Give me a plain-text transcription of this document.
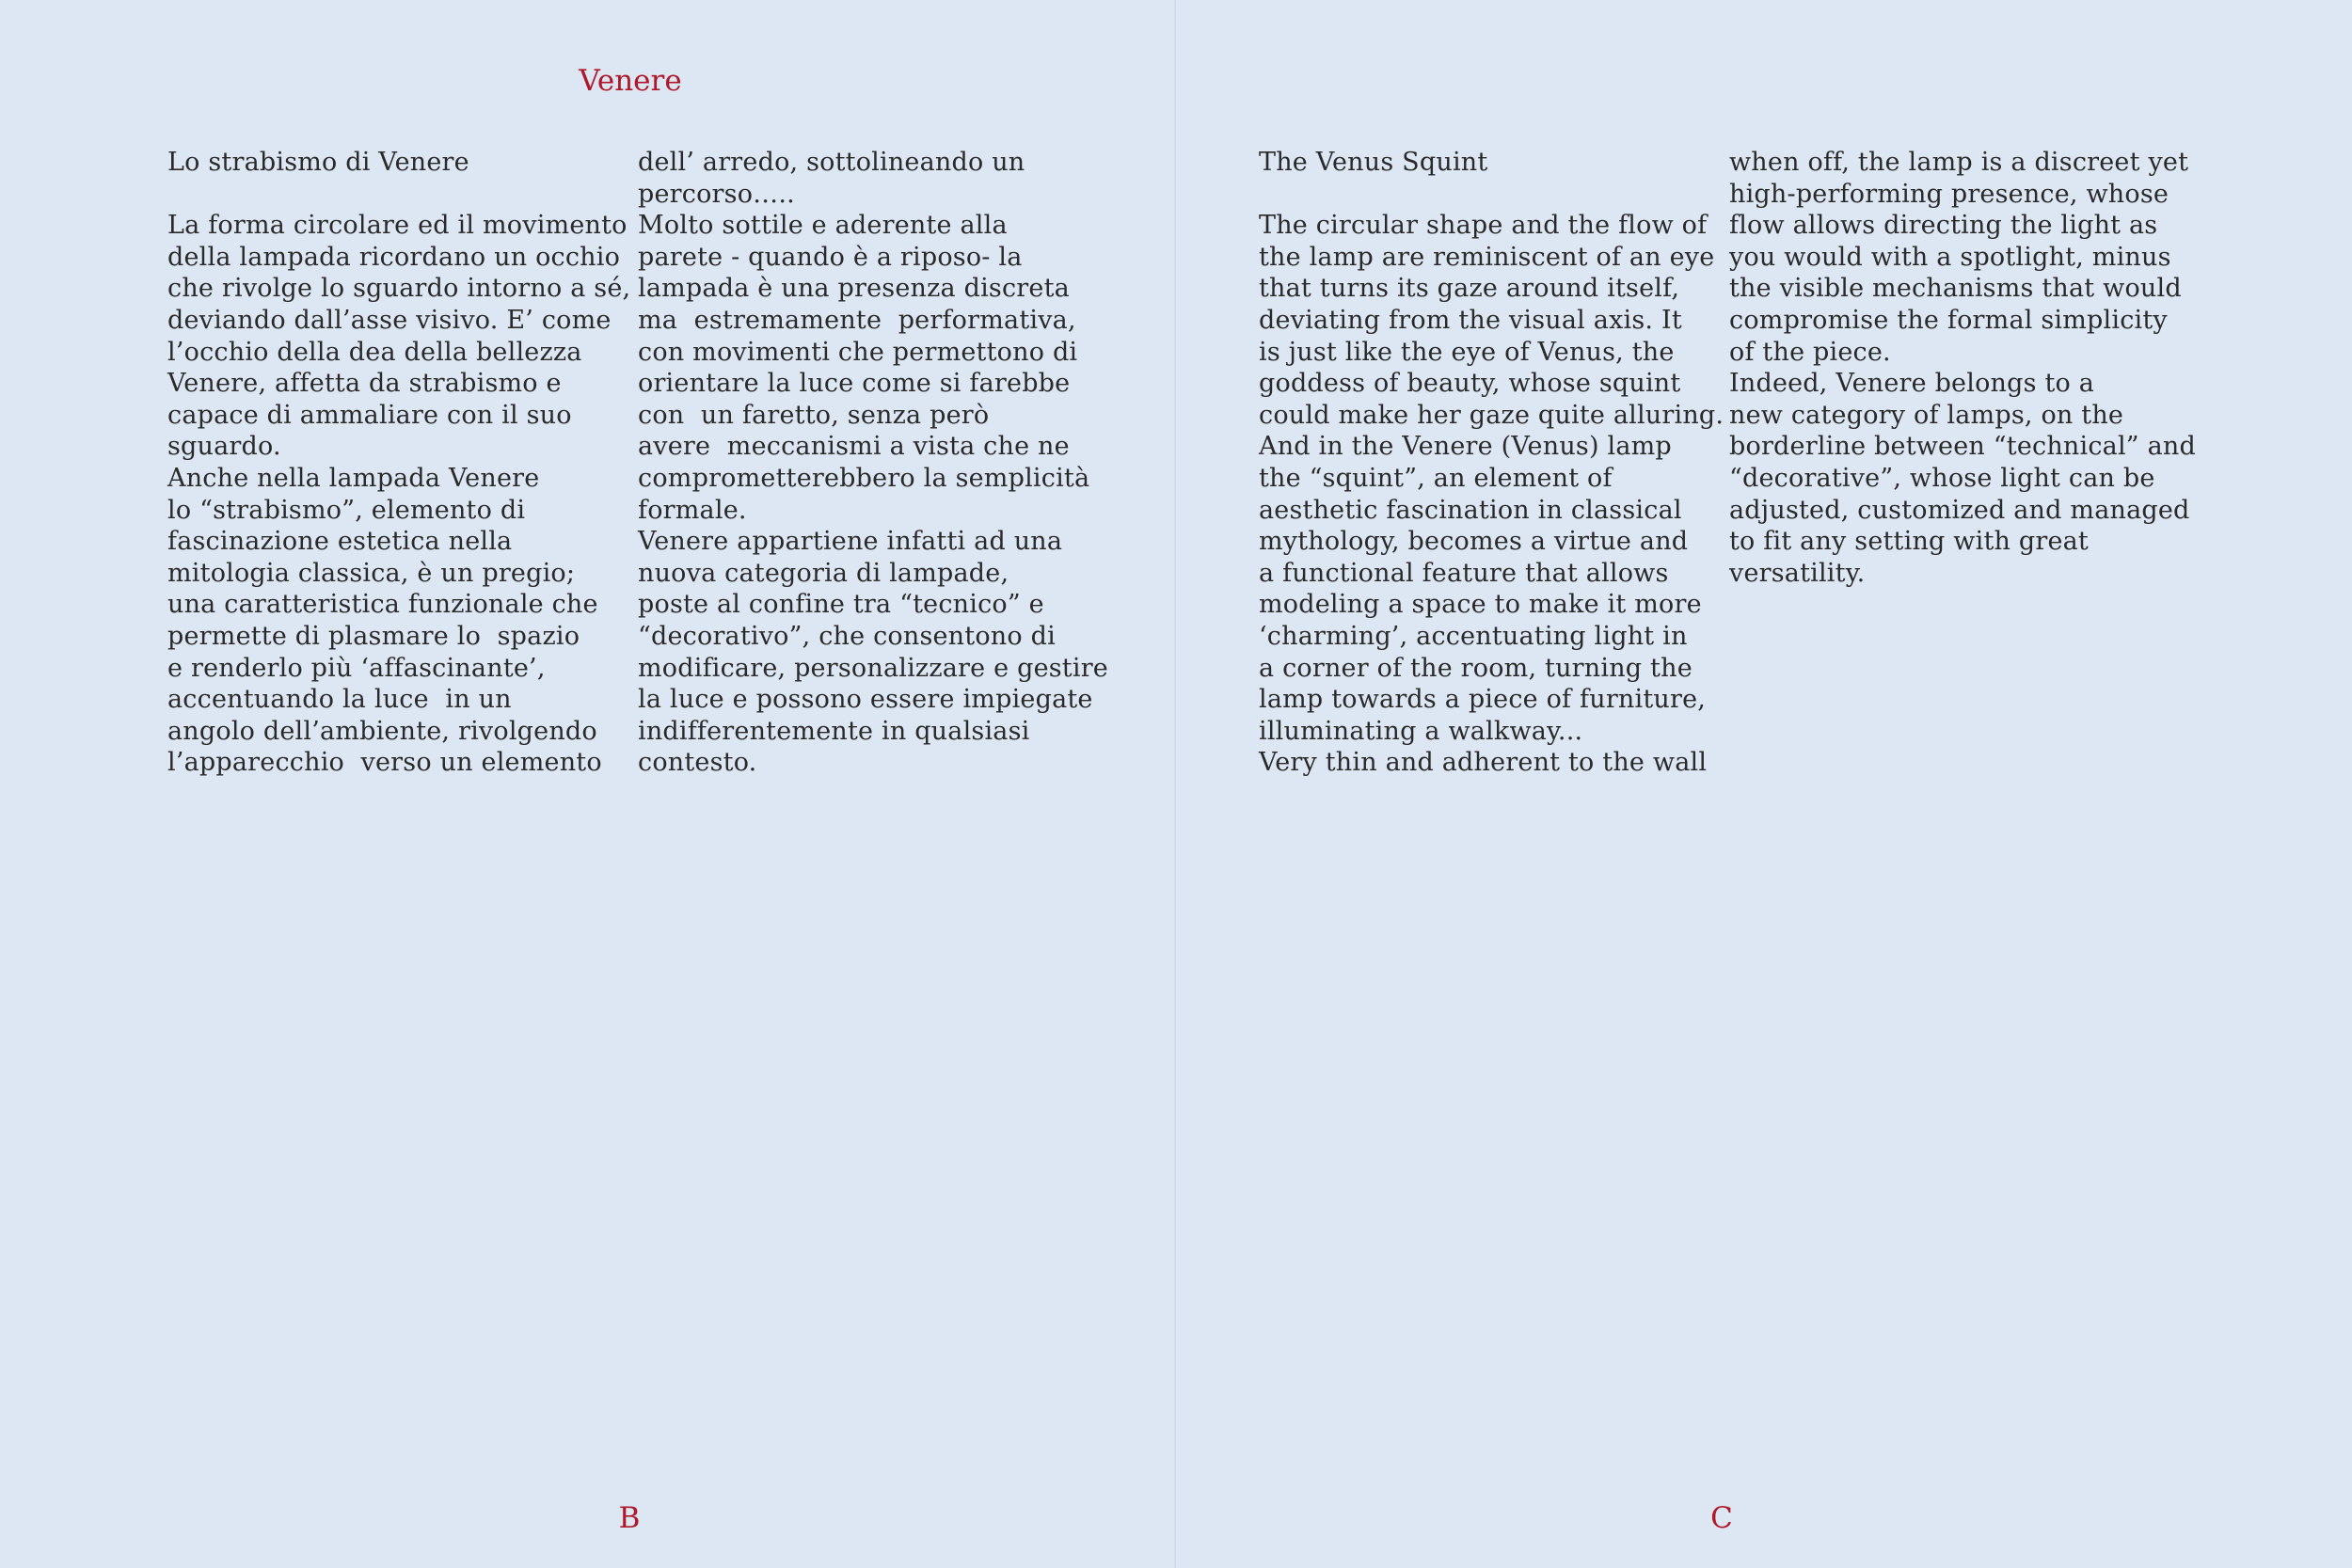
Venere
Lo strabismo di Venere
La forma circolare ed il movimento
della lampada ricordano un occhio
che rivolge lo sguardo intorno a sé,
deviando dall’asse visivo. E’ come
l’occhio della dea della bellezza
Venere, affetta da strabismo e
capace di ammaliare con il suo
sguardo.
Anche nella lampada Venere
lo “strabismo”, elemento di
fascinazione estetica nella
mitologia classica, è un pregio;
una caratteristica funzionale che
permette di plasmare lo  spazio
e renderlo più ‘affascinante’,
accentuando la luce  in un
angolo dell’ambiente, rivolgendo
l’apparecchio  verso un elemento
dell’ arredo, sottolineando un
percorso…..
Molto sottile e aderente alla
parete - quando è a riposo- la
lampada è una presenza discreta
ma  estremamente  performativa,
con movimenti che permettono di
orientare la luce come si farebbe
con  un faretto, senza però
avere  meccanismi a vista che ne
comprometterebbero la semplicità
formale.
Venere appartiene infatti ad una
nuova categoria di lampade,
poste al confine tra “tecnico” e
“decorativo”, che consentono di
modificare, personalizzare e gestire
la luce e possono essere impiegate
indifferentemente in qualsiasi
contesto.
The Venus Squint
The circular shape and the flow of
the lamp are reminiscent of an eye
that turns its gaze around itself,
deviating from the visual axis. It
is just like the eye of Venus, the
goddess of beauty, whose squint
could make her gaze quite alluring.
And in the Venere (Venus) lamp
the “squint”, an element of
aesthetic fascination in classical
mythology, becomes a virtue and
a functional feature that allows
modeling a space to make it more
‘charming’, accentuating light in
a corner of the room, turning the
lamp towards a piece of furniture,
illuminating a walkway...
Very thin and adherent to the wall
when off, the lamp is a discreet yet
high-performing presence, whose
flow allows directing the light as
you would with a spotlight, minus
the visible mechanisms that would
compromise the formal simplicity
of the piece.
Indeed, Venere belongs to a
new category of lamps, on the
borderline between “technical” and
“decorative”, whose light can be
adjusted, customized and managed
to fit any setting with great
versatility.
B	C
